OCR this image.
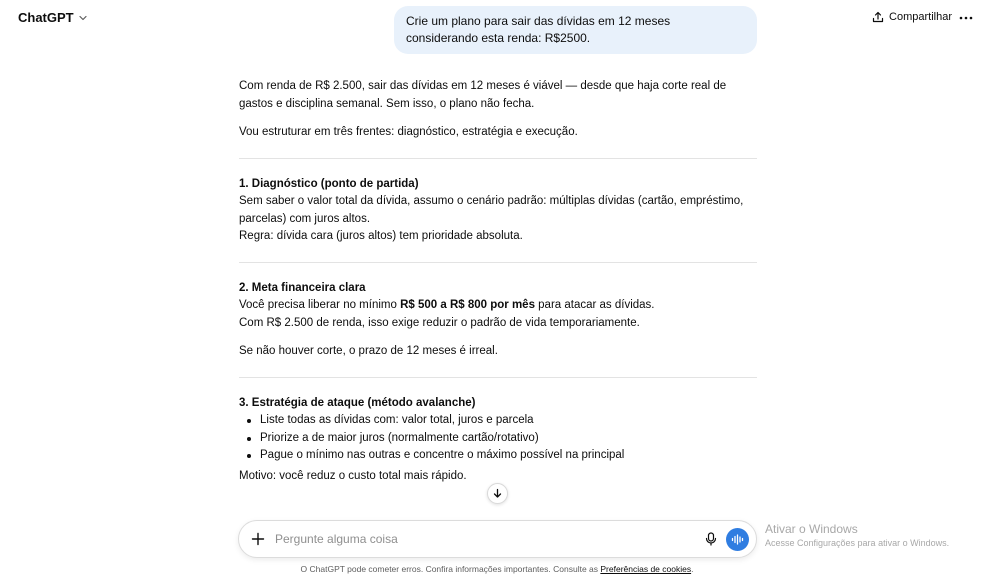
ChatGPT	Compartilhar
Crie um plano para sair das dívidas em 12 meses considerando esta renda: R$2500.

Com renda de R$ 2.500, sair das dívidas em 12 meses é viável — desde que haja corte real de gastos e disciplina semanal. Sem isso, o plano não fecha.

Vou estruturar em três frentes: diagnóstico, estratégia e execução.

1. Diagnóstico (ponto de partida)
Sem saber o valor total da dívida, assumo o cenário padrão: múltiplas dívidas (cartão, empréstimo, parcelas) com juros altos.
Regra: dívida cara (juros altos) tem prioridade absoluta.
2. Meta financeira clara
Você precisa liberar no mínimo R$ 500 a R$ 800 por mês para atacar as dívidas.
Com R$ 2.500 de renda, isso exige reduzir o padrão de vida temporariamente.
Se não houver corte, o prazo de 12 meses é irreal.
3. Estratégia de ataque (método avalanche)
Liste todas as dívidas com: valor total, juros e parcela
Priorize a de maior juros (normalmente cartão/rotativo)
Pague o mínimo nas outras e concentre o máximo possível na principal
Motivo: você reduz o custo total mais rápido.
Pergunte alguma coisa
O ChatGPT pode cometer erros. Confira informações importantes. Consulte as Preferências de cookies.
Ativar o Windows
Acesse Configurações para ativar o Windows.
